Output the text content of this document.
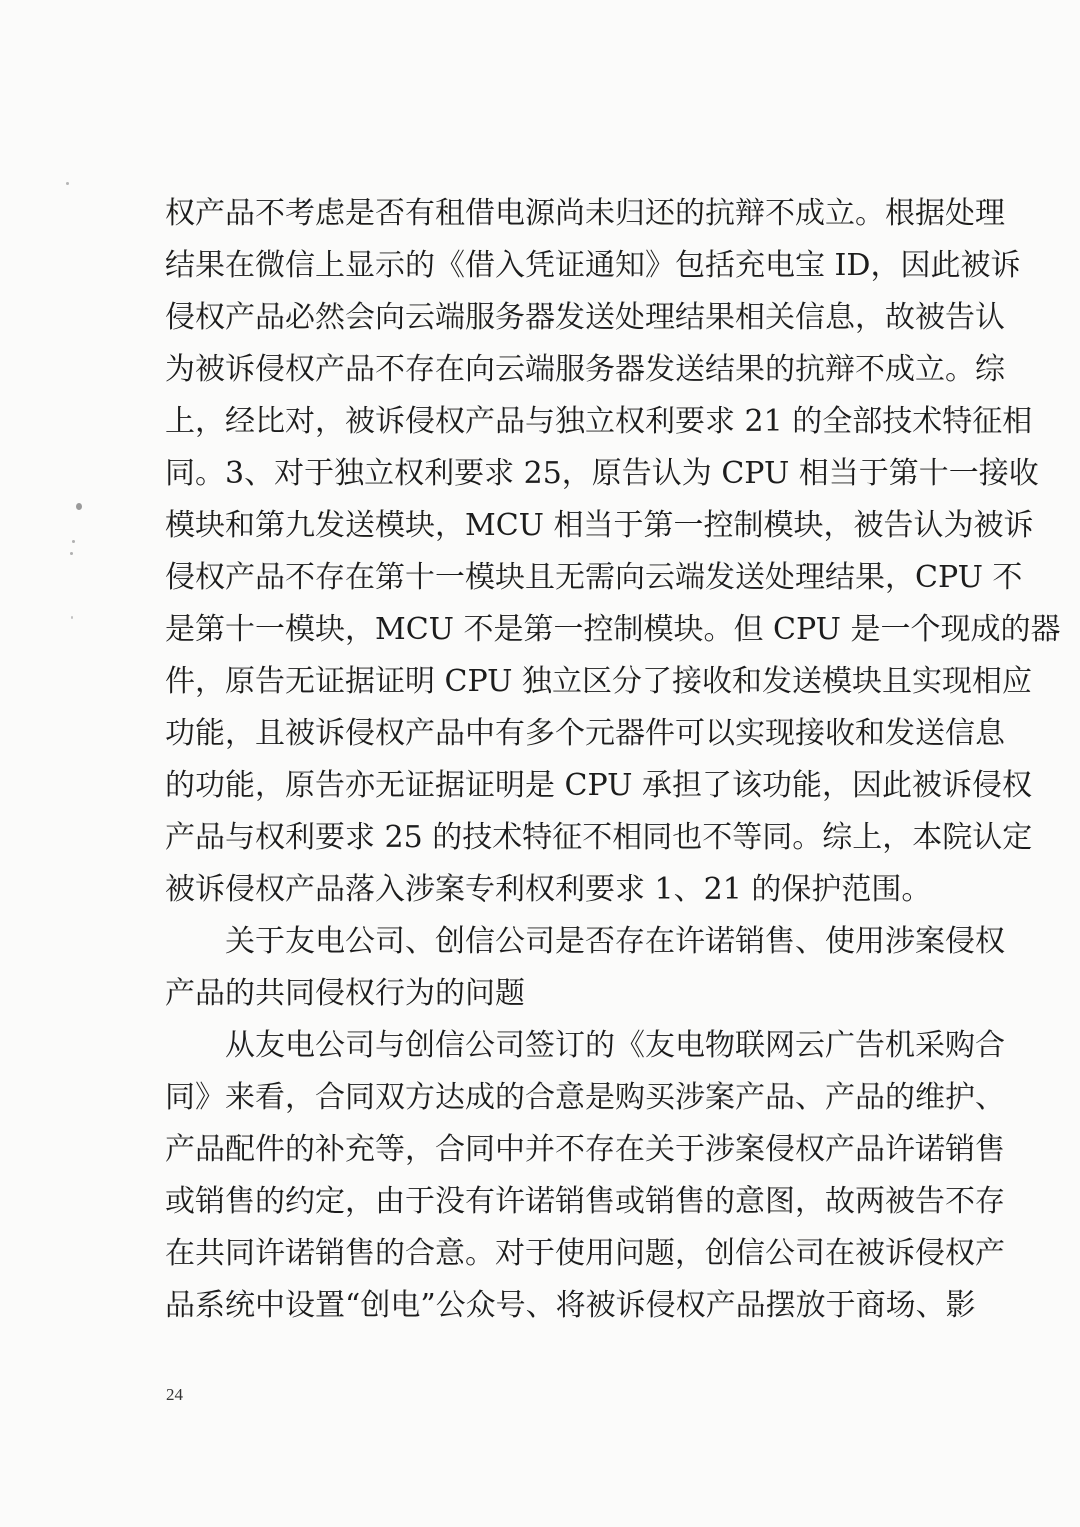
权产品不考虑是否有租借电源尚未归还的抗辩不成立。根据处理
结果在微信上显示的《借入凭证通知》包括充电宝 ID，因此被诉
侵权产品必然会向云端服务器发送处理结果相关信息，故被告认
为被诉侵权产品不存在向云端服务器发送结果的抗辩不成立。综
上，经比对，被诉侵权产品与独立权利要求 21 的全部技术特征相
同。3、对于独立权利要求 25，原告认为 CPU 相当于第十一接收
模块和第九发送模块，MCU 相当于第一控制模块，被告认为被诉
侵权产品不存在第十一模块且无需向云端发送处理结果，CPU 不
是第十一模块，MCU 不是第一控制模块。但 CPU 是一个现成的器
件，原告无证据证明 CPU 独立区分了接收和发送模块且实现相应
功能，且被诉侵权产品中有多个元器件可以实现接收和发送信息
的功能，原告亦无证据证明是 CPU 承担了该功能，因此被诉侵权
产品与权利要求 25 的技术特征不相同也不等同。综上，本院认定
被诉侵权产品落入涉案专利权利要求 1、21 的保护范围。
关于友电公司、创信公司是否存在许诺销售、使用涉案侵权
产品的共同侵权行为的问题
从友电公司与创信公司签订的《友电物联网云广告机采购合
同》来看，合同双方达成的合意是购买涉案产品、产品的维护、
产品配件的补充等，合同中并不存在关于涉案侵权产品许诺销售
或销售的约定，由于没有许诺销售或销售的意图，故两被告不存
在共同许诺销售的合意。对于使用问题，创信公司在被诉侵权产
品系统中设置“创电”公众号、将被诉侵权产品摆放于商场、影
24
